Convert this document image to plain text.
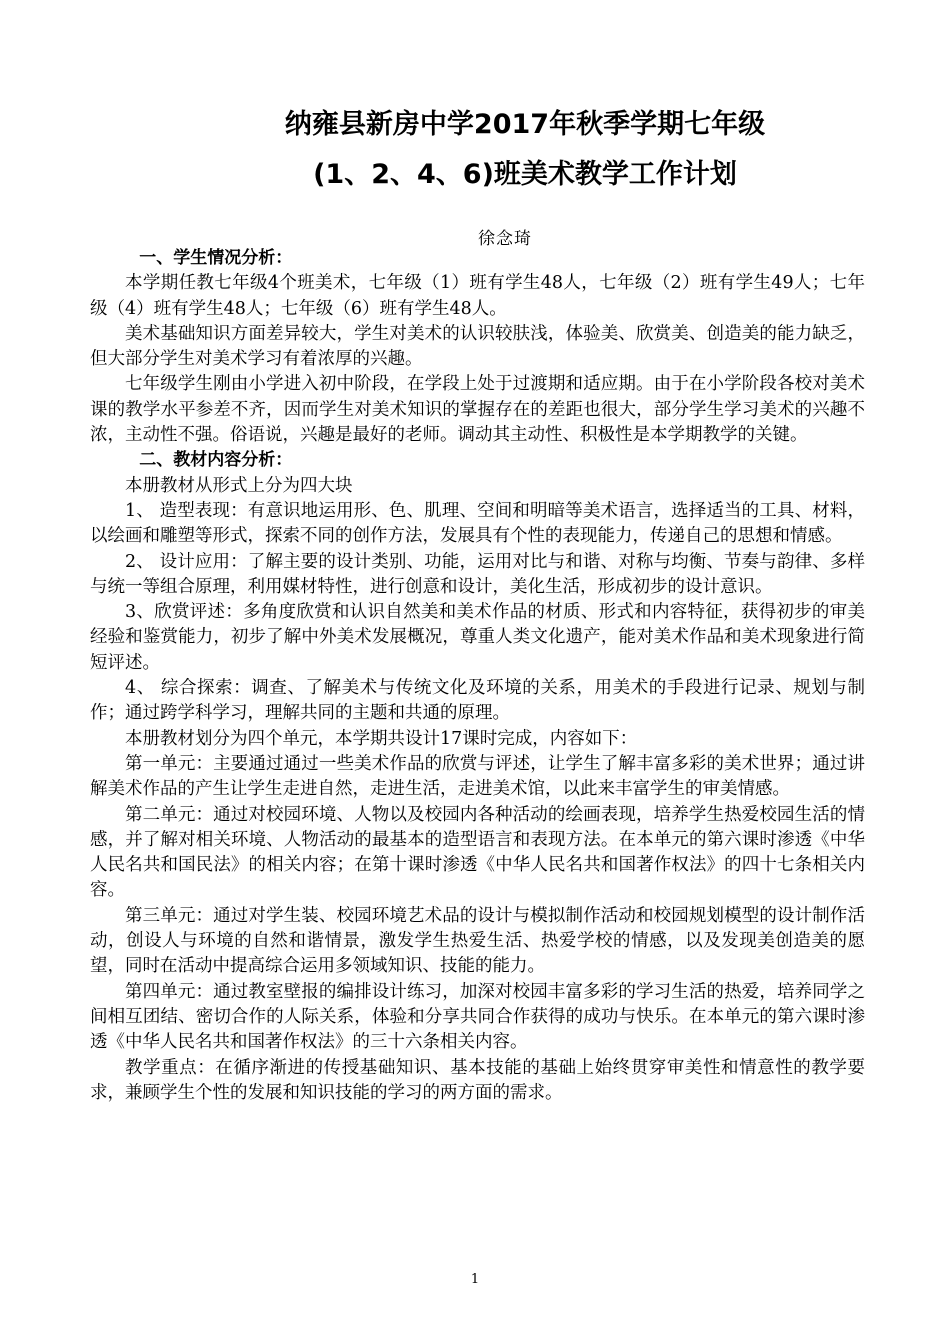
纳雍县新房中学2017年秋季学期七年级
(1、2、4、6)班美术教学工作计划
徐念琦

一、学生情况分析：

本学期任教七年级4个班美术，七年级（1）班有学生48人，七年级（2）班有学生49人；七年级（4）班有学生48人；七年级（6）班有学生48人。

美术基础知识方面差异较大，学生对美术的认识较肤浅，体验美、欣赏美、创造美的能力缺乏，但大部分学生对美术学习有着浓厚的兴趣。

七年级学生刚由小学进入初中阶段，在学段上处于过渡期和适应期。由于在小学阶段各校对美术课的教学水平参差不齐，因而学生对美术知识的掌握存在的差距也很大，部分学生学习美术的兴趣不浓，主动性不强。俗语说，兴趣是最好的老师。调动其主动性、积极性是本学期教学的关键。

二、教材内容分析：

本册教材从形式上分为四大块

1、 造型表现：有意识地运用形、色、肌理、空间和明暗等美术语言，选择适当的工具、材料，以绘画和雕塑等形式，探索不同的创作方法，发展具有个性的表现能力，传递自己的思想和情感。

2、 设计应用：了解主要的设计类别、功能，运用对比与和谐、对称与均衡、节奏与韵律、多样与统一等组合原理，利用媒材特性，进行创意和设计，美化生活，形成初步的设计意识。

3、欣赏评述：多角度欣赏和认识自然美和美术作品的材质、形式和内容特征，获得初步的审美经验和鉴赏能力，初步了解中外美术发展概况，尊重人类文化遗产，能对美术作品和美术现象进行简短评述。

4、 综合探索：调查、了解美术与传统文化及环境的关系，用美术的手段进行记录、规划与制作；通过跨学科学习，理解共同的主题和共通的原理。

本册教材划分为四个单元，本学期共设计17课时完成，内容如下：

第一单元：主要通过通过一些美术作品的欣赏与评述，让学生了解丰富多彩的美术世界；通过讲解美术作品的产生让学生走进自然，走进生活，走进美术馆，以此来丰富学生的审美情感。

第二单元：通过对校园环境、人物以及校园内各种活动的绘画表现，培养学生热爱校园生活的情感，并了解对相关环境、人物活动的最基本的造型语言和表现方法。在本单元的第六课时渗透《中华人民名共和国民法》的相关内容；在第十课时渗透《中华人民名共和国著作权法》的四十七条相关内容。

第三单元：通过对学生装、校园环境艺术品的设计与模拟制作活动和校园规划模型的设计制作活动，创设人与环境的自然和谐情景，激发学生热爱生活、热爱学校的情感，以及发现美创造美的愿望，同时在活动中提高综合运用多领域知识、技能的能力。

第四单元：通过教室壁报的编排设计练习，加深对校园丰富多彩的学习生活的热爱，培养同学之间相互团结、密切合作的人际关系，体验和分享共同合作获得的成功与快乐。在本单元的第六课时渗透《中华人民名共和国著作权法》的三十六条相关内容。

教学重点：在循序渐进的传授基础知识、基本技能的基础上始终贯穿审美性和情意性的教学要求，兼顾学生个性的发展和知识技能的学习的两方面的需求。

1
